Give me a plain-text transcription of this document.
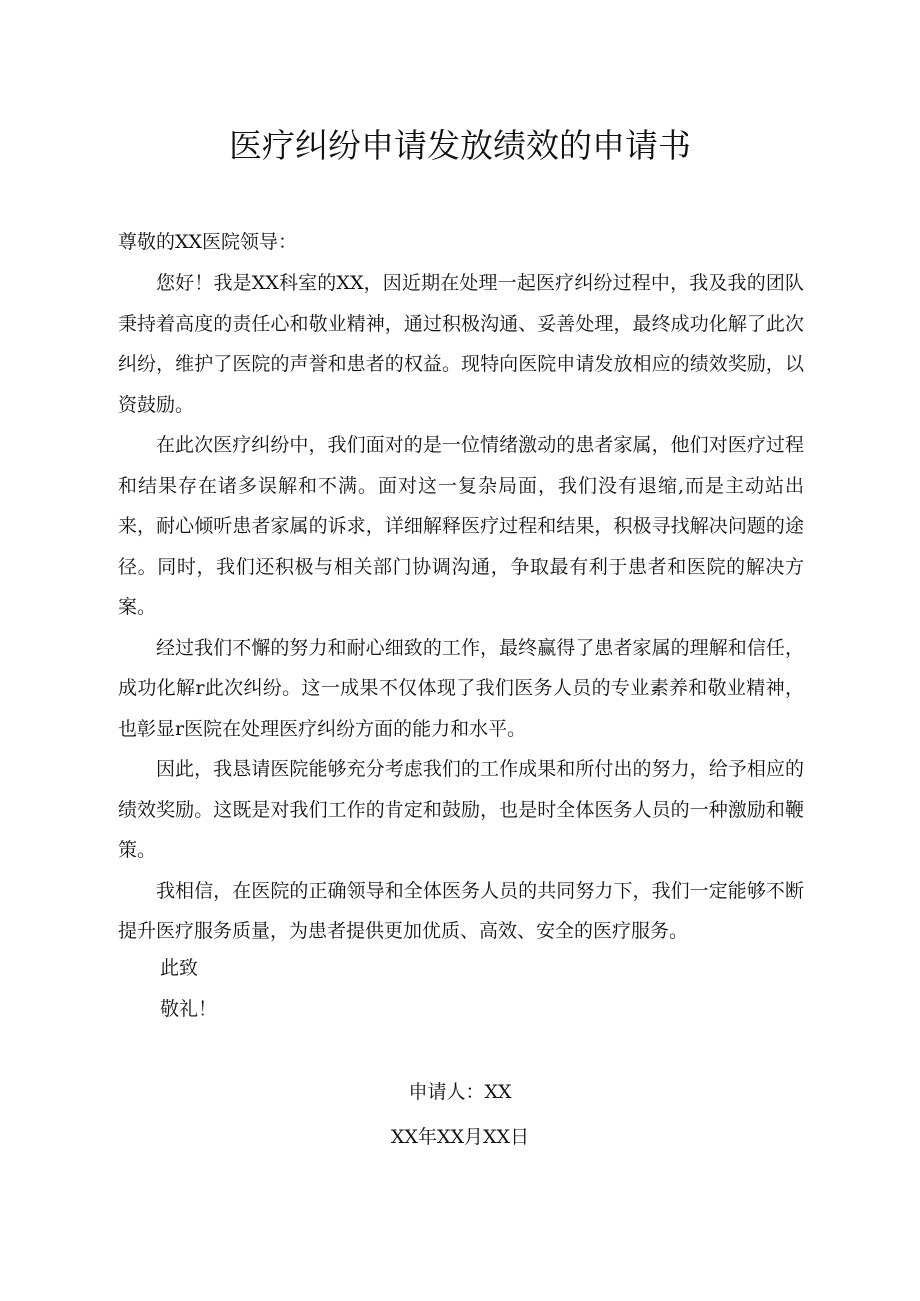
医疗纠纷申请发放绩效的申请书

尊敬的XX医院领导：

您好！我是XX科室的XX，因近期在处理一起医疗纠纷过程中，我及我的团队秉持着高度的责任心和敬业精神，通过积极沟通、妥善处理，最终成功化解了此次纠纷，维护了医院的声誉和患者的权益。现特向医院申请发放相应的绩效奖励，以资鼓励。

在此次医疗纠纷中，我们面对的是一位情绪激动的患者家属，他们对医疗过程和结果存在诸多误解和不满。面对这一复杂局面，我们没有退缩,而是主动站出来，耐心倾听患者家属的诉求，详细解释医疗过程和结果，积极寻找解决问题的途径。同时，我们还积极与相关部门协调沟通，争取最有利于患者和医院的解决方案。

经过我们不懈的努力和耐心细致的工作，最终赢得了患者家属的理解和信任，成功化解r此次纠纷。这一成果不仅体现了我们医务人员的专业素养和敬业精神，也彰显r医院在处理医疗纠纷方面的能力和水平。

因此，我恳请医院能够充分考虑我们的工作成果和所付出的努力，给予相应的绩效奖励。这既是对我们工作的肯定和鼓励，也是时全体医务人员的一种激励和鞭策。

我相信，在医院的正确领导和全体医务人员的共同努力下，我们一定能够不断提升医疗服务质量，为患者提供更加优质、高效、安全的医疗服务。

此致

敬礼！

申请人：XX

XX年XX月XX日
